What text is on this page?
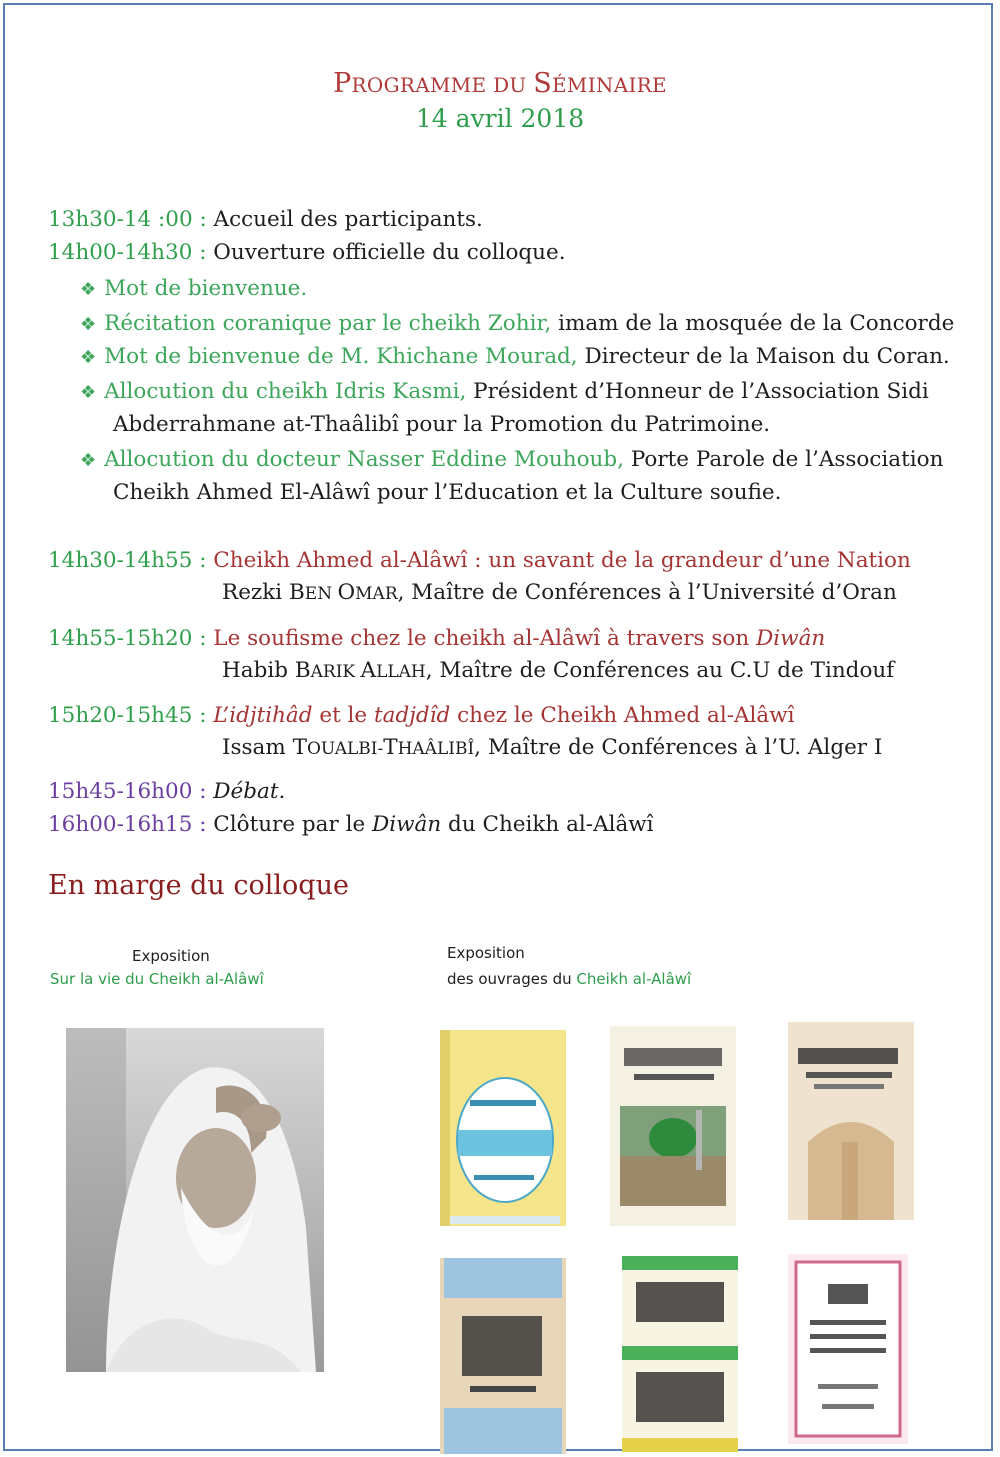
PROGRAMME DU SÉMINAIRE
14 avril 2018
13h30-14 :00 : Accueil des participants.
14h00-14h30 : Ouverture officielle du colloque.
❖ Mot de bienvenue.
❖ Récitation coranique par le cheikh Zohir, imam de la mosquée de la Concorde
❖ Mot de bienvenue de M. Khichane Mourad, Directeur de la Maison du Coran.
❖ Allocution du cheikh Idris Kasmi, Président d’Honneur de l’Association Sidi
Abderrahmane at-Thaâlibî pour la Promotion du Patrimoine.
❖ Allocution du docteur Nasser Eddine Mouhoub, Porte Parole de l’Association
Cheikh Ahmed El-Alâwî pour l’Education et la Culture soufie.
14h30-14h55 : Cheikh Ahmed al-Alâwî : un savant de la grandeur d’une Nation
Rezki BEN OMAR, Maître de Conférences à l’Université d’Oran
14h55-15h20 : Le soufisme chez le cheikh al-Alâwî à travers son Diwân
Habib BARIK ALLAH, Maître de Conférences au C.U de Tindouf
15h20-15h45 : L’idjtihâd et le tadjdîd chez le Cheikh Ahmed al-Alâwî
Issam TOUALBI-THAÂLIBÎ, Maître de Conférences à l’U. Alger I
15h45-16h00 : Débat.
16h00-16h15 : Clôture par le Diwân du Cheikh al-Alâwî
En marge du colloque
Exposition
Sur la vie du Cheikh al-Alâwî
Exposition
des ouvrages du Cheikh al-Alâwî
